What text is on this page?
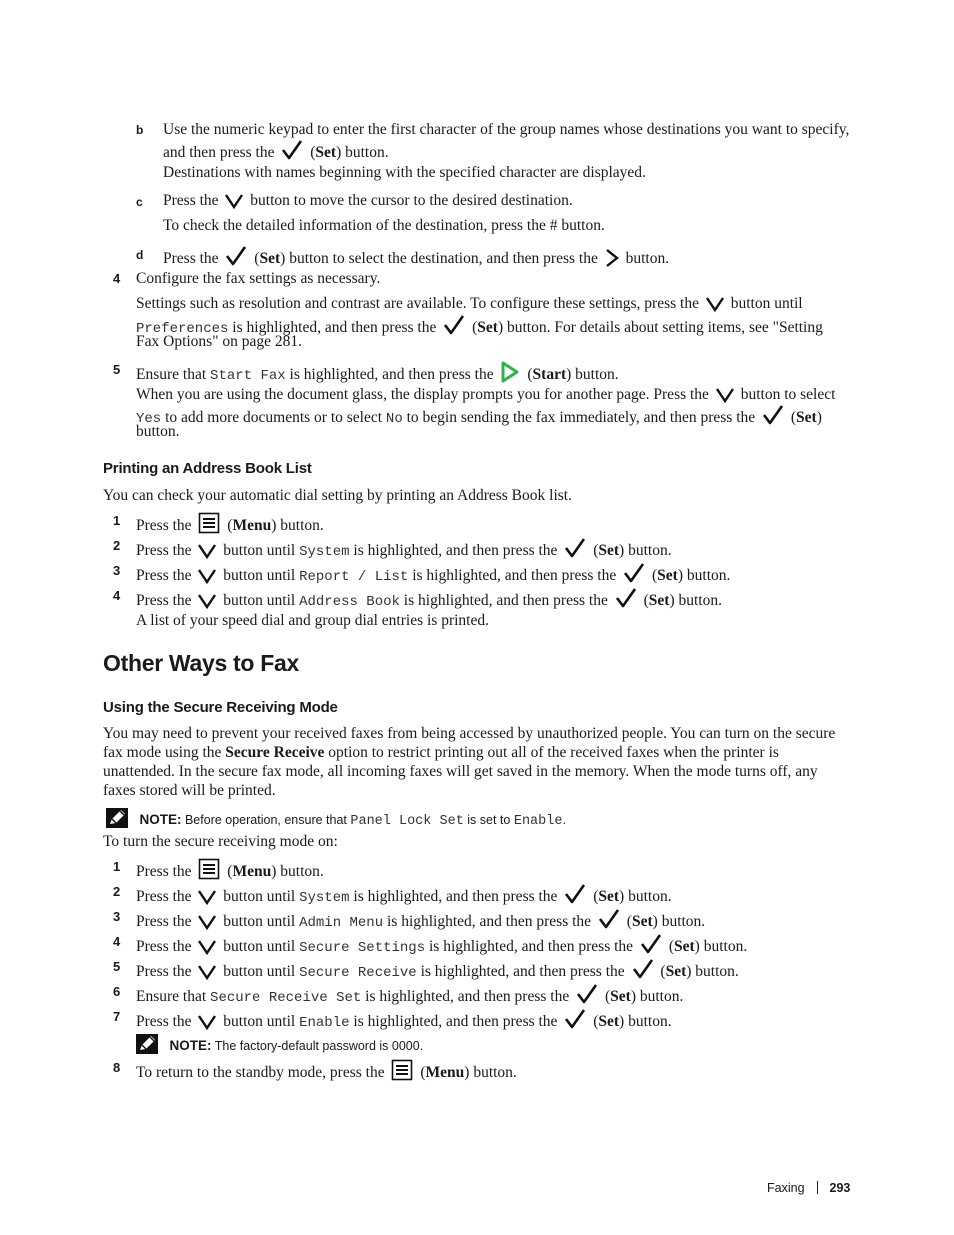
b Use the numeric keypad to enter the first character of the group names whose destinations you want to specify,
and then press the
(Set) button.
Destinations with names beginning with the specified character are displayed.
c Press the button to move the cursor to the desired destination.
To check the detailed information of the destination, press the # button.
d Press the
(Set) button to select the destination, and then press the button.
4 Configure the fax settings as necessary.
Settings such as resolution and contrast are available. To configure these settings, press the button until
Preferences is highlighted, and then press the
(Set) button. For details about setting items, see "Setting
Fax Options" on page 281.
5 Ensure that Start Fax is highlighted, and then press the
(Start) button.
When you are using the document glass, the display prompts you for another page. Press the button to select
Yes to add more documents or to select No to begin sending the fax immediately, and then press the
(Set)
button.
Printing an Address Book List
You can check your automatic dial setting by printing an Address Book list.
1 Press the
(Menu) button.
2 Press the button until System is highlighted, and then press the
(Set) button.
3 Press the button until Report / List is highlighted, and then press the
(Set) button.
4 Press the button until Address Book is highlighted, and then press the
(Set) button.
A list of your speed dial and group dial entries is printed.
Other Ways to Fax
Using the Secure Receiving Mode
You may need to prevent your received faxes from being accessed by unauthorized people. You can turn on the secure
fax mode using the Secure Receive option to restrict printing out all of the received faxes when the printer is
unattended. In the secure fax mode, all incoming faxes will get saved in the memory. When the mode turns off, any
faxes stored will be printed.
NOTE: Before operation, ensure that Panel Lock Set is set to Enable.
To turn the secure receiving mode on:
1 Press the
(Menu) button.
2 Press the button until System is highlighted, and then press the
(Set) button.
3 Press the button until Admin Menu is highlighted, and then press the
(Set) button.
4 Press the button until Secure Settings is highlighted, and then press the
(Set) button.
5 Press the button until Secure Receive is highlighted, and then press the
(Set) button.
6 Ensure that Secure Receive Set is highlighted, and then press the
(Set) button.
7 Press the button until Enable is highlighted, and then press the
(Set) button.
NOTE: The factory-default password is 0000.
8 To return to the standby mode, press the
(Menu) button.
Faxing 293
